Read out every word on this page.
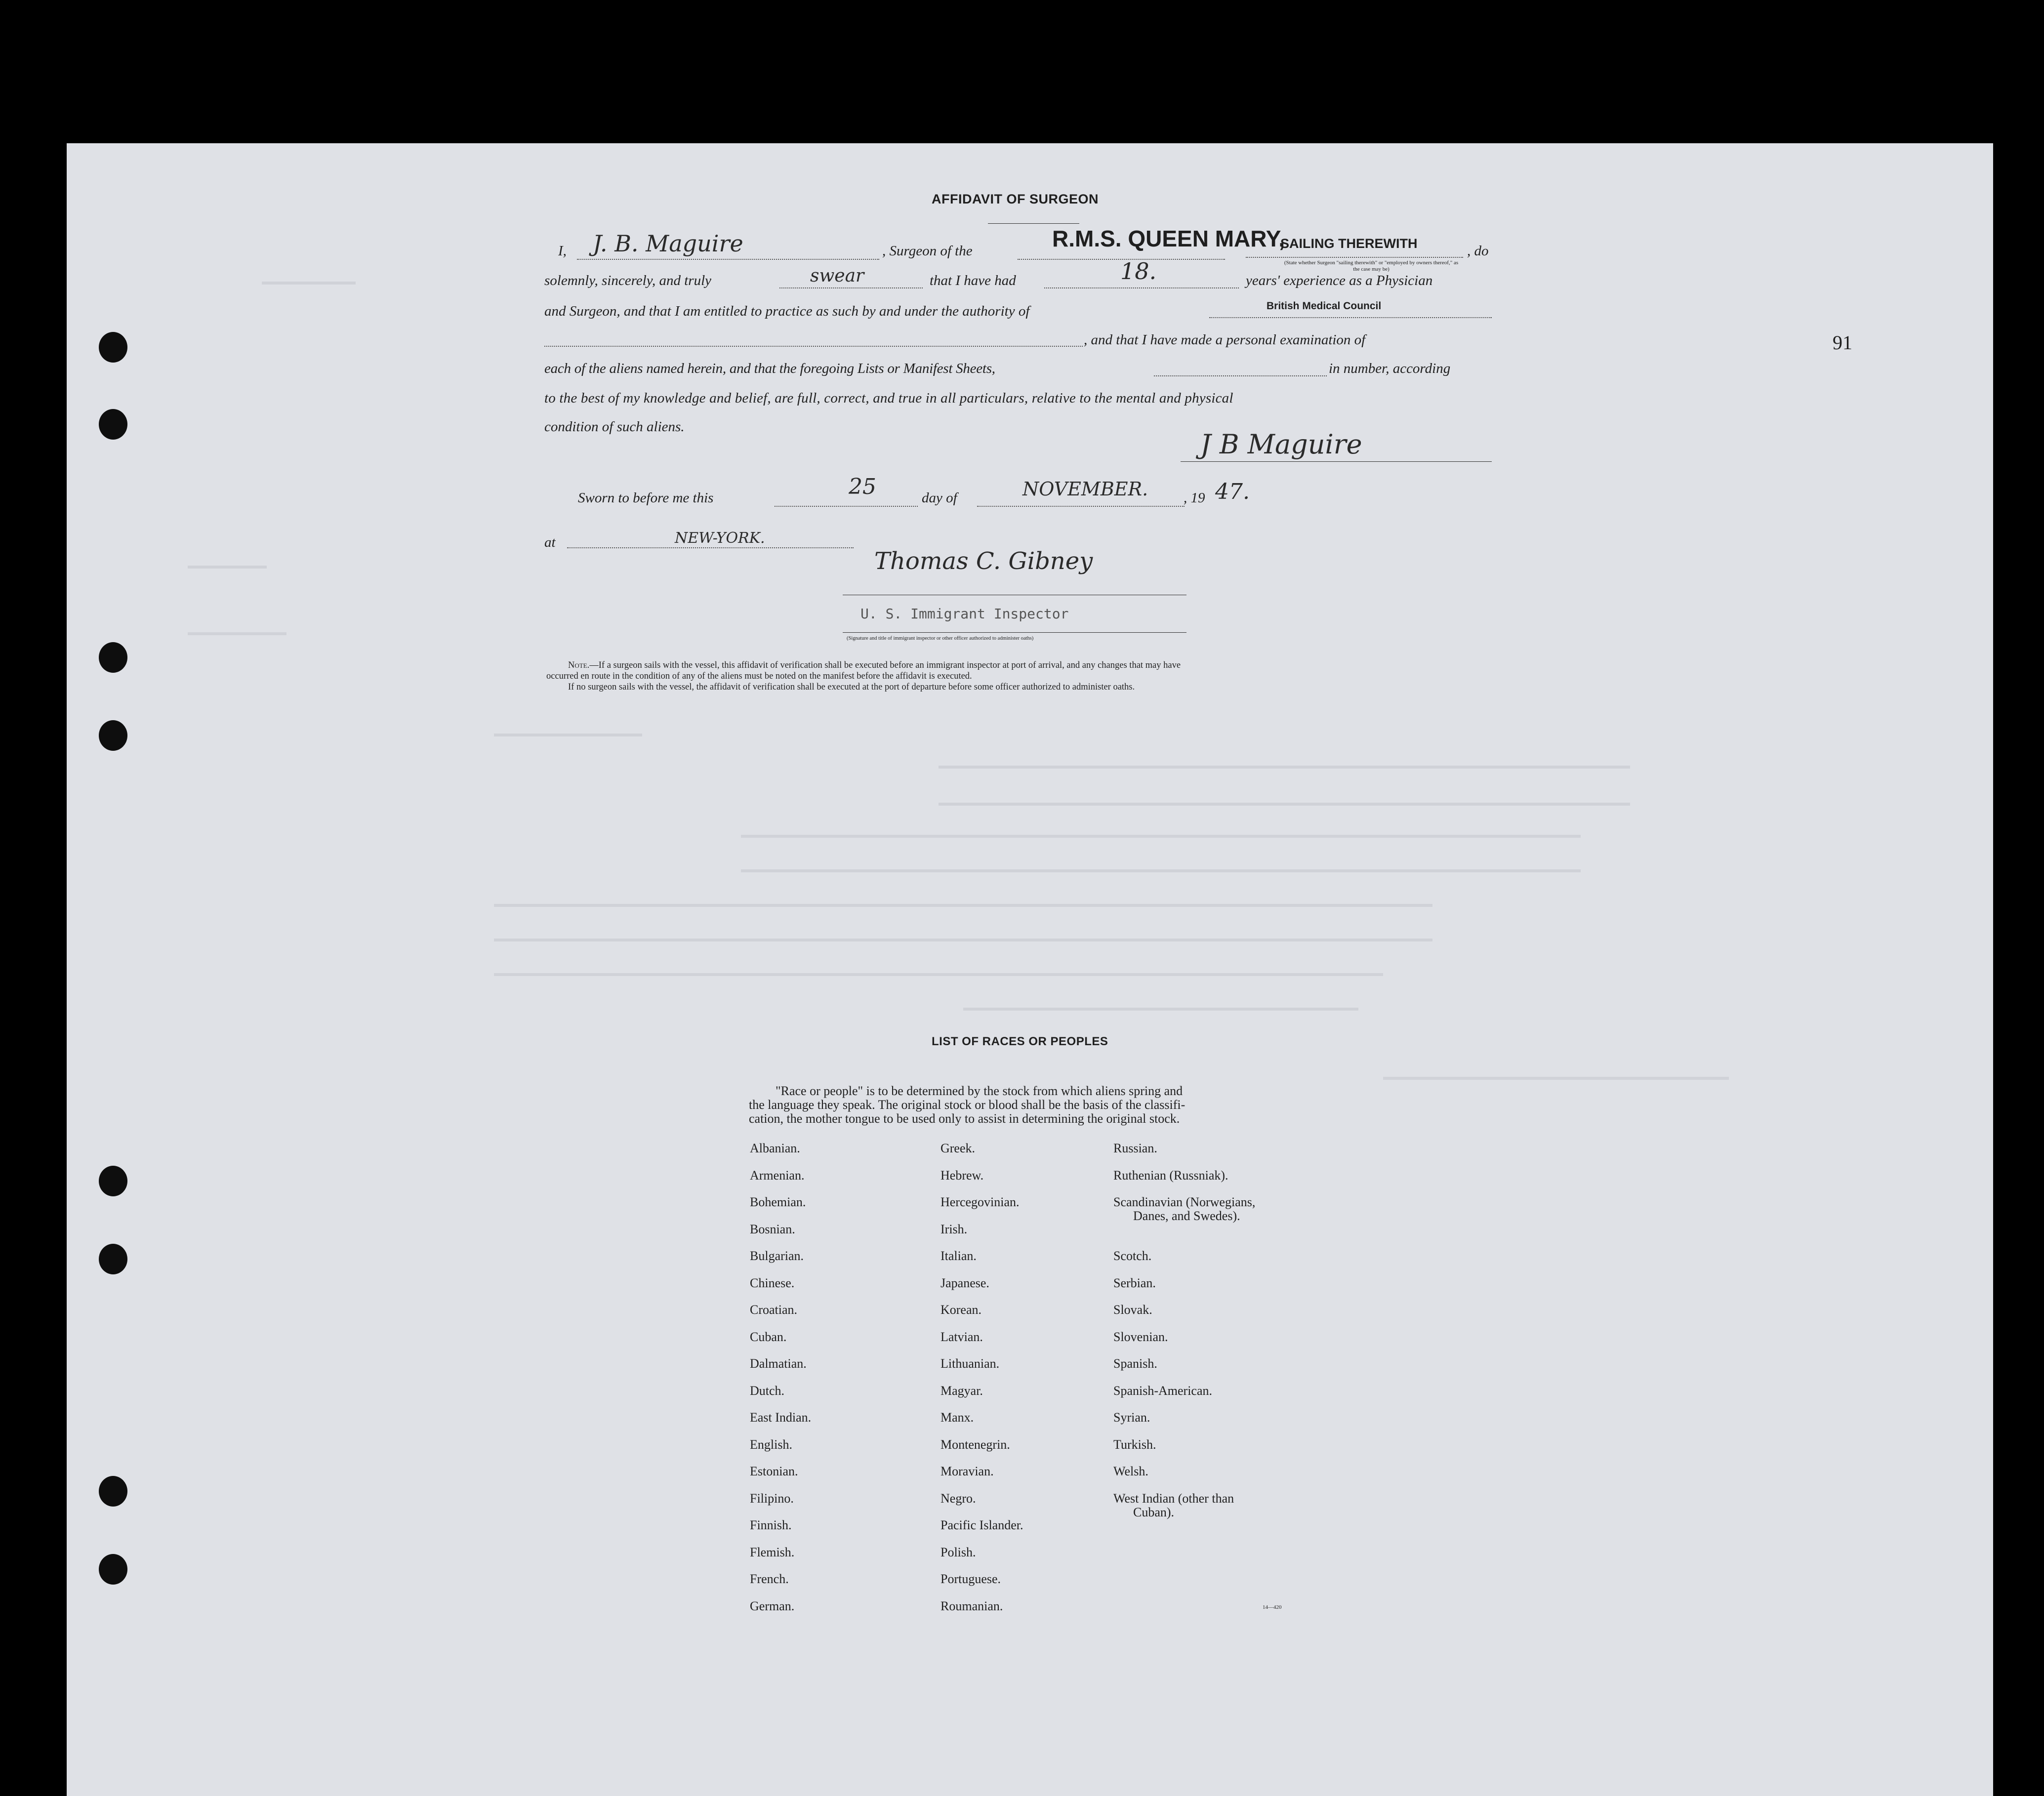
91
AFFIDAVIT OF SURGEON
I, J. B. Maguire	, Surgeon of the	R.M.S. QUEEN MARY,
SAILING THEREWITH
(State whether Surgeon "sailing therewith" or "employed by owners thereof," as the case may be)
, do
solemnly, sincerely, and truly	swear	that I have had	18.	years' experience as a Physician
and Surgeon, and that I am entitled to practice as such by and under the authority of	British Medical Council
, and that I have made a personal examination of
each of the aliens named herein, and that the foregoing Lists or Manifest Sheets,	in number, according
to the best of my knowledge and belief, are full, correct, and true in all particulars, relative to the mental and physical
condition of such aliens.
J B Maguire
Sworn to before me this	25	day of	NOVEMBER. , 19 47.
at	NEW-YORK.
Thomas C. Gibney
U. S. Immigrant Inspector
(Signature and title of immigrant inspector or other officer authorized to administer oaths)
Note.—If a surgeon sails with the vessel, this affidavit of verification shall be executed before an immigrant inspector at port of arrival, and any changes that may have
occurred en route in the condition of any of the aliens must be noted on the manifest before the affidavit is executed.
If no surgeon sails with the vessel, the affidavit of verification shall be executed at the port of departure before some officer authorized to administer oaths.
LIST OF RACES OR PEOPLES
"Race or people" is to be determined by the stock from which aliens spring and
the language they speak. The original stock or blood shall be the basis of the classifi-
cation, the mother tongue to be used only to assist in determining the original stock.
Albanian.
Armenian.
Bohemian.
Bosnian.
Bulgarian.
Chinese.
Croatian.
Cuban.
Dalmatian.
Dutch.
East Indian.
English.
Estonian.
Filipino.
Finnish.
Flemish.
French.
German.
Greek.
Hebrew.
Hercegovinian.
Irish.
Italian.
Japanese.
Korean.
Latvian.
Lithuanian.
Magyar.
Manx.
Montenegrin.
Moravian.
Negro.
Pacific Islander.
Polish.
Portuguese.
Roumanian.
Russian.
Ruthenian (Russniak).
Scandinavian (Norwegians,
Danes, and Swedes).
Scotch.
Serbian.
Slovak.
Slovenian.
Spanish.
Spanish-American.
Syrian.
Turkish.
Welsh.
West Indian (other than
Cuban).
14—420
